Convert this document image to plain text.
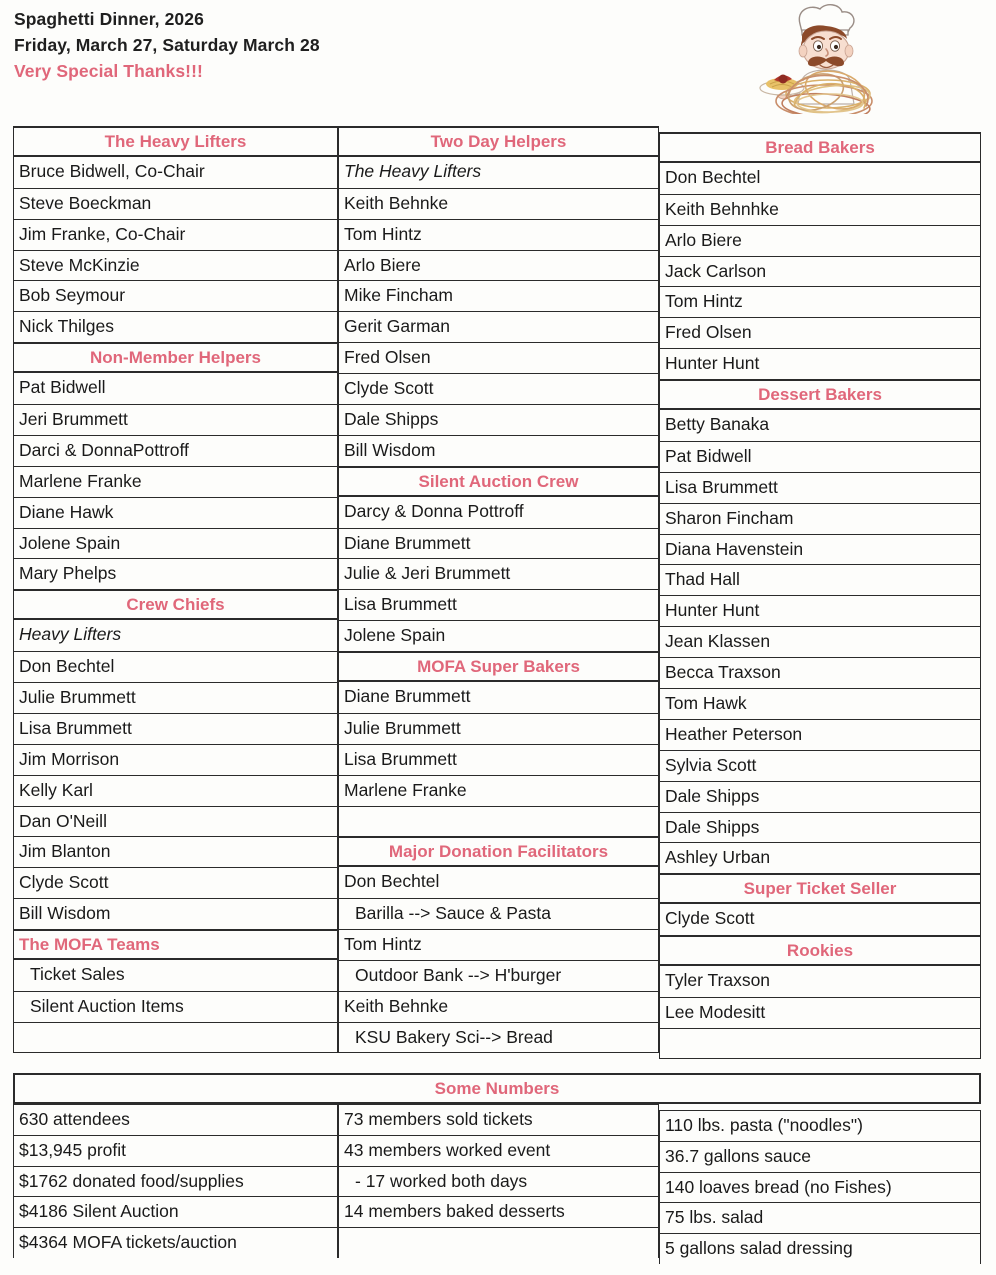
Spaghetti Dinner, 2026
Friday, March 27, Saturday March 28
Very Special Thanks!!!
The Heavy Lifters
Bruce Bidwell, Co-Chair
Steve Boeckman
Jim Franke, Co-Chair
Steve McKinzie
Bob Seymour
Nick Thilges
Non-Member Helpers
Pat Bidwell
Jeri Brummett
Darci & DonnaPottroff
Marlene Franke
Diane Hawk
Jolene Spain
Mary Phelps
Crew Chiefs
Heavy Lifters
Don Bechtel
Julie Brummett
Lisa Brummett
Jim Morrison
Kelly Karl
Dan O'Neill
Jim Blanton
Clyde Scott
Bill Wisdom
The MOFA Teams
Ticket Sales
Silent Auction Items
Two Day Helpers
The Heavy Lifters
Keith Behnke
Tom Hintz
Arlo Biere
Mike Fincham
Gerit Garman
Fred Olsen
Clyde Scott
Dale Shipps
Bill Wisdom
Silent Auction Crew
Darcy & Donna Pottroff
Diane Brummett
Julie & Jeri Brummett
Lisa Brummett
Jolene Spain
MOFA Super Bakers
Diane Brummett
Julie Brummett
Lisa Brummett
Marlene Franke
Major Donation Facilitators
Don Bechtel
Barilla --> Sauce & Pasta
Tom Hintz
Outdoor Bank --> H'burger
Keith Behnke
KSU Bakery Sci--> Bread
Bread Bakers
Don Bechtel
Keith Behnhke
Arlo Biere
Jack Carlson
Tom Hintz
Fred Olsen
Hunter Hunt
Dessert Bakers
Betty Banaka
Pat Bidwell
Lisa Brummett
Sharon Fincham
Diana Havenstein
Thad Hall
Hunter Hunt
Jean Klassen
Becca Traxson
Tom Hawk
Heather Peterson
Sylvia Scott
Dale Shipps
Dale Shipps
Ashley Urban
Super Ticket Seller
Clyde Scott
Rookies
Tyler Traxson
Lee Modesitt
Some Numbers
630 attendees
$13,945 profit
$1762 donated food/supplies
$4186 Silent Auction
$4364 MOFA tickets/auction
73 members sold tickets
43 members worked event
- 17 worked both days
14 members baked desserts
110 lbs. pasta ("noodles")
36.7 gallons sauce
140 loaves bread (no Fishes)
75 lbs. salad
5 gallons salad dressing
